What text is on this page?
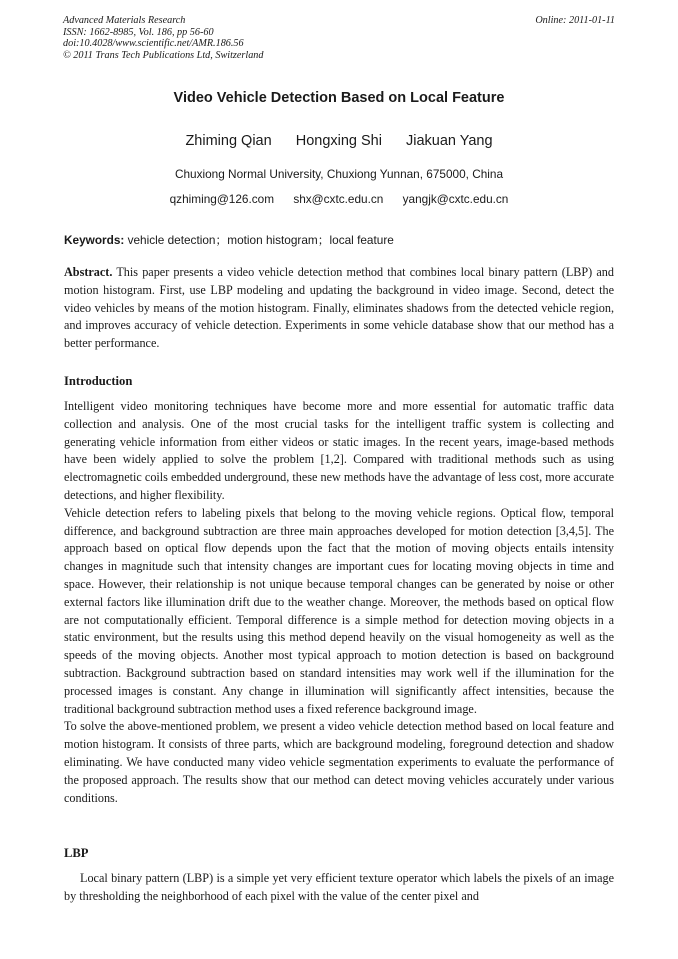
Advanced Materials Research
ISSN: 1662-8985, Vol. 186, pp 56-60
doi:10.4028/www.scientific.net/AMR.186.56
© 2011 Trans Tech Publications Ltd, Switzerland
Online: 2011-01-11
Video Vehicle Detection Based on Local Feature
Zhiming Qian Hongxing Shi Jiakuan Yang
Chuxiong Normal University, Chuxiong Yunnan, 675000, China
qzhiming@126.com shx@cxtc.edu.cn yangjk@cxtc.edu.cn
Keywords: vehicle detection；motion histogram；local feature
Abstract. This paper presents a video vehicle detection method that combines local binary pattern (LBP) and motion histogram. First, use LBP modeling and updating the background in video image. Second, detect the video vehicles by means of the motion histogram. Finally, eliminates shadows from the detected vehicle region, and improves accuracy of vehicle detection. Experiments in some vehicle database show that our method has a better performance.
Introduction

Intelligent video monitoring techniques have become more and more essential for automatic traffic data collection and analysis. One of the most crucial tasks for the intelligent traffic system is collecting and generating vehicle information from either videos or static images. In the recent years, image-based methods have been widely applied to solve the problem [1,2]. Compared with traditional methods such as using electromagnetic coils embedded underground, these new methods have the advantage of less cost, more accurate detections, and higher flexibility.

Vehicle detection refers to labeling pixels that belong to the moving vehicle regions. Optical flow, temporal difference, and background subtraction are three main approaches developed for motion detection [3,4,5]. The approach based on optical flow depends upon the fact that the motion of moving objects entails intensity changes in magnitude such that intensity changes are important cues for locating moving objects in time and space. However, their relationship is not unique because temporal changes can be generated by noise or other external factors like illumination drift due to the weather change. Moreover, the methods based on optical flow are not computationally efficient. Temporal difference is a simple method for detection moving objects in a static environment, but the results using this method depend heavily on the visual homogeneity as well as the speeds of the moving objects. Another most typical approach to motion detection is based on background subtraction. Background subtraction based on standard intensities may work well if the illumination for the processed images is constant. Any change in illumination will significantly affect intensities, because the traditional background subtraction method uses a fixed reference background image.

To solve the above-mentioned problem, we present a video vehicle detection method based on local feature and motion histogram. It consists of three parts, which are background modeling, foreground detection and shadow eliminating. We have conducted many video vehicle segmentation experiments to evaluate the performance of the proposed approach. The results show that our method can detect moving vehicles accurately under various conditions.

LBP

Local binary pattern (LBP) is a simple yet very efficient texture operator which labels the pixels of an image by thresholding the neighborhood of each pixel with the value of the center pixel and
